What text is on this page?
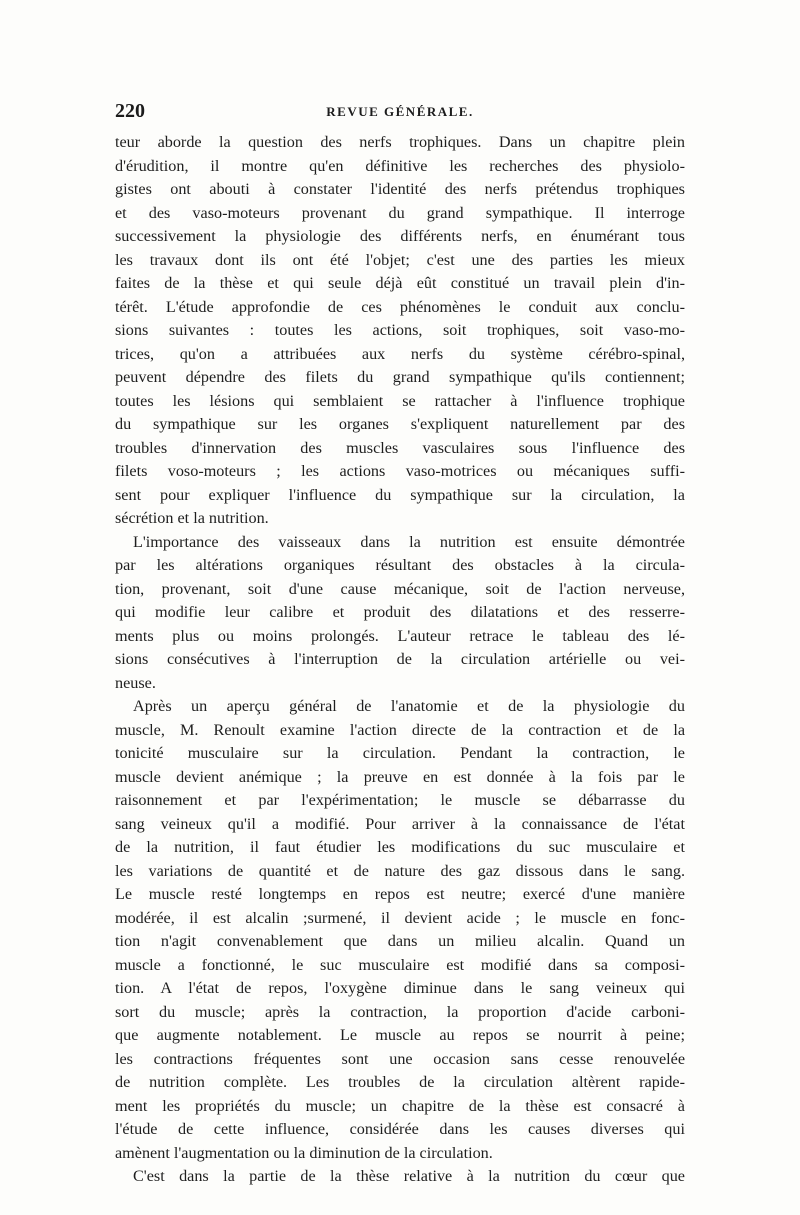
220	REVUE GÉNÉRALE.
teur aborde la question des nerfs trophiques. Dans un chapitre plein
d'érudition, il montre qu'en définitive les recherches des physiolo-
gistes ont abouti à constater l'identité des nerfs prétendus trophiques
et des vaso-moteurs provenant du grand sympathique. Il interroge
successivement la physiologie des différents nerfs, en énumérant tous
les travaux dont ils ont été l'objet; c'est une des parties les mieux
faites de la thèse et qui seule déjà eût constitué un travail plein d'in-
térêt. L'étude approfondie de ces phénomènes le conduit aux conclu-
sions suivantes : toutes les actions, soit trophiques, soit vaso-mo-
trices, qu'on a attribuées aux nerfs du système cérébro-spinal,
peuvent dépendre des filets du grand sympathique qu'ils contiennent;
toutes les lésions qui semblaient se rattacher à l'influence trophique
du sympathique sur les organes s'expliquent naturellement par des
troubles d'innervation des muscles vasculaires sous l'influence des
filets voso-moteurs ; les actions vaso-motrices ou mécaniques suffi-
sent pour expliquer l'influence du sympathique sur la circulation, la
sécrétion et la nutrition.
L'importance des vaisseaux dans la nutrition est ensuite démontrée
par les altérations organiques résultant des obstacles à la circula-
tion, provenant, soit d'une cause mécanique, soit de l'action nerveuse,
qui modifie leur calibre et produit des dilatations et des resserre-
ments plus ou moins prolongés. L'auteur retrace le tableau des lé-
sions consécutives à l'interruption de la circulation artérielle ou vei-
neuse.
Après un aperçu général de l'anatomie et de la physiologie du
muscle, M. Renoult examine l'action directe de la contraction et de la
tonicité musculaire sur la circulation. Pendant la contraction, le
muscle devient anémique ; la preuve en est donnée à la fois par le
raisonnement et par l'expérimentation; le muscle se débarrasse du
sang veineux qu'il a modifié. Pour arriver à la connaissance de l'état
de la nutrition, il faut étudier les modifications du suc musculaire et
les variations de quantité et de nature des gaz dissous dans le sang.
Le muscle resté longtemps en repos est neutre; exercé d'une manière
modérée, il est alcalin ;surmené, il devient acide ; le muscle en fonc-
tion n'agit convenablement que dans un milieu alcalin. Quand un
muscle a fonctionné, le suc musculaire est modifié dans sa composi-
tion. A l'état de repos, l'oxygène diminue dans le sang veineux qui
sort du muscle; après la contraction, la proportion d'acide carboni-
que augmente notablement. Le muscle au repos se nourrit à peine;
les contractions fréquentes sont une occasion sans cesse renouvelée
de nutrition complète. Les troubles de la circulation altèrent rapide-
ment les propriétés du muscle; un chapitre de la thèse est consacré à
l'étude de cette influence, considérée dans les causes diverses qui
amènent l'augmentation ou la diminution de la circulation.
C'est dans la partie de la thèse relative à la nutrition du cœur que
